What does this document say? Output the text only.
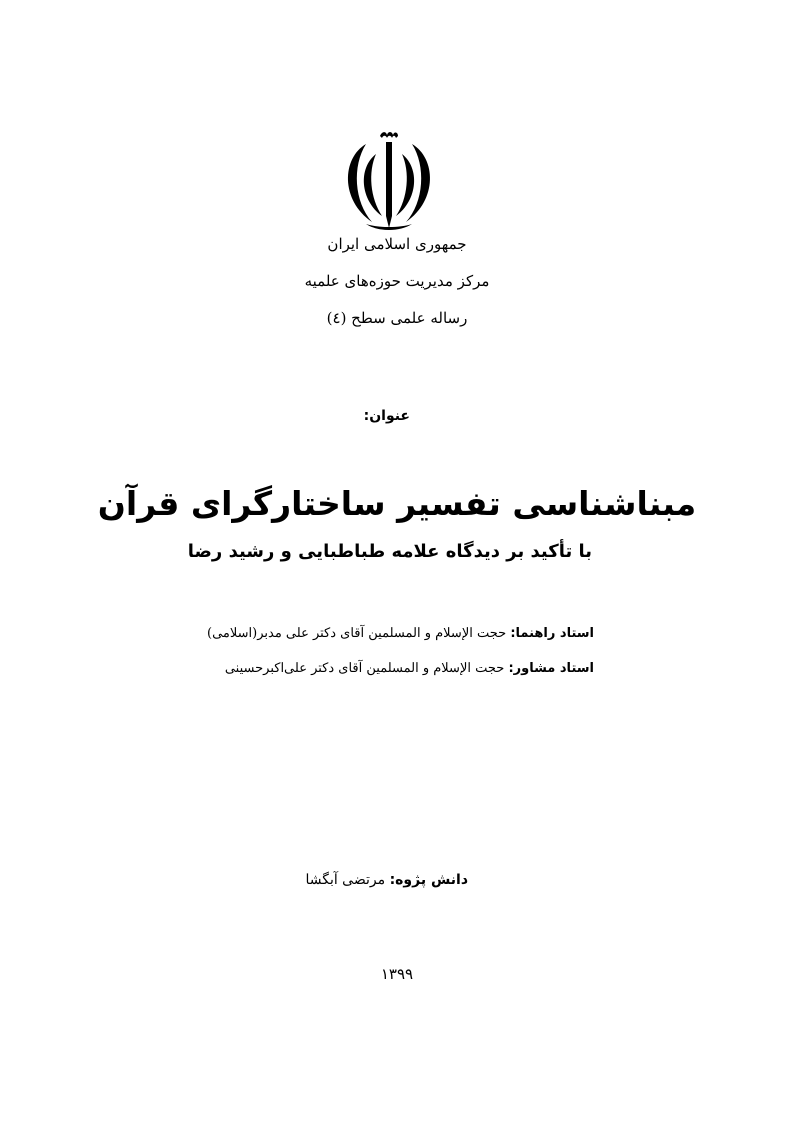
جمهوری اسلامی ایران
مرکز مدیریت حوزه‌های علمیه
رساله علمی سطح (٤)
عنوان:
مبناشناسی تفسیر ساختارگرای قرآن
با تأکید بر دیدگاه علامه طباطبایی و رشید رضا
استاد راهنما: حجت الإسلام و المسلمین آقای دکتر علی مدبر(اسلامی)
استاد مشاور: حجت الإسلام و المسلمین آقای دکتر علی‌اکبرحسینی
دانش پژوه: مرتضی آبگشا
۱۳۹۹
